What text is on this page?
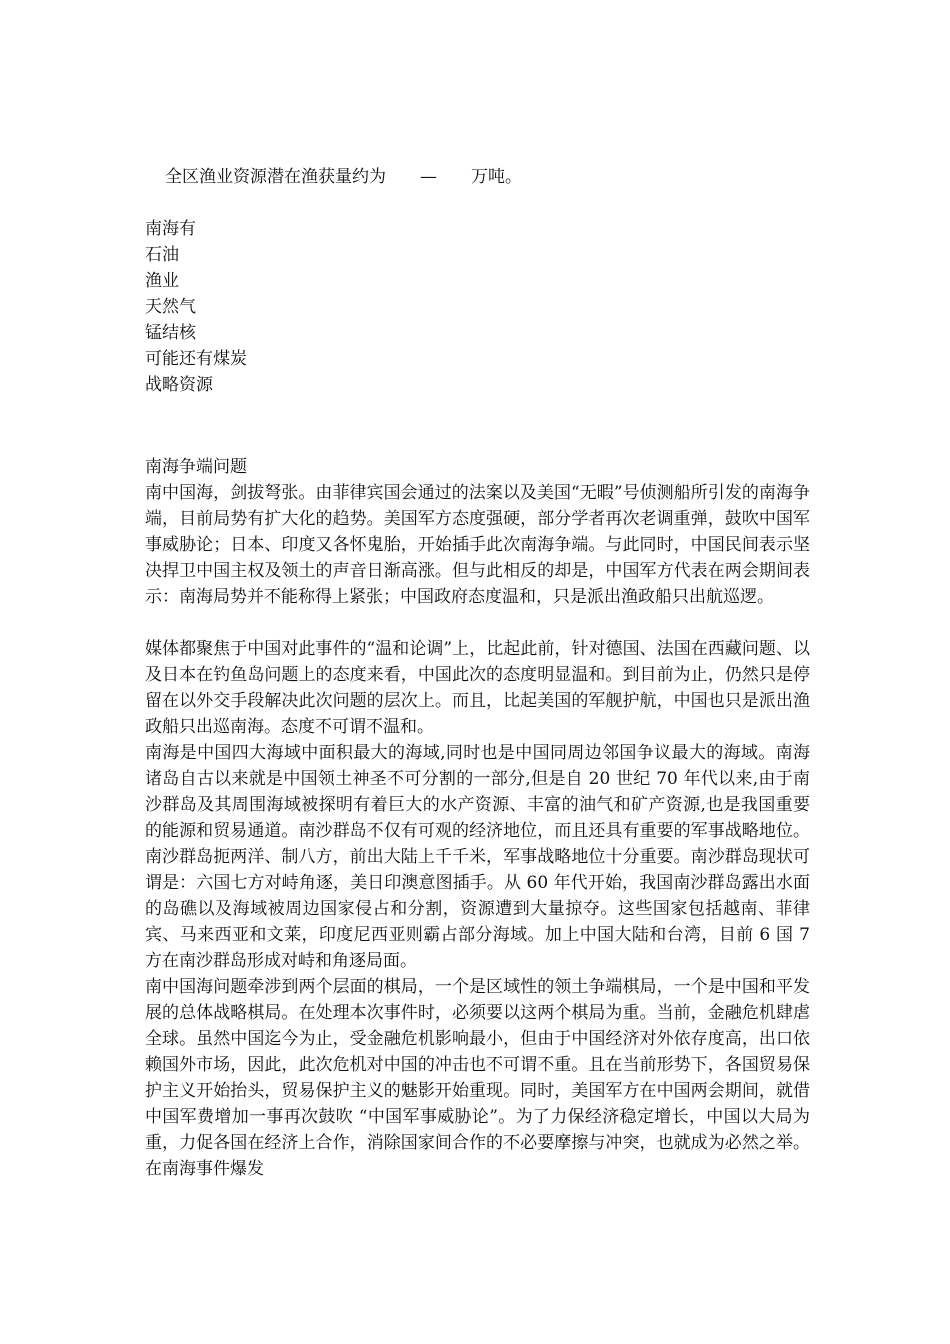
全区渔业资源潜在渔获量约为　　—　　万吨。
南海有
石油
渔业
天然气
锰结核
可能还有煤炭
战略资源
南海争端问题

南中国海，剑拔弩张。由菲律宾国会通过的法案以及美国“无暇”号侦测船所引发的南海争端，目前局势有扩大化的趋势。美国军方态度强硬，部分学者再次老调重弹，鼓吹中国军事威胁论；日本、印度又各怀鬼胎，开始插手此次南海争端。与此同时，中国民间表示坚决捍卫中国主权及领土的声音日渐高涨。但与此相反的却是，中国军方代表在两会期间表示：南海局势并不能称得上紧张；中国政府态度温和，只是派出渔政船只出航巡逻。

媒体都聚焦于中国对此事件的“温和论调”上，比起此前，针对德国、法国在西藏问题、以及日本在钓鱼岛问题上的态度来看，中国此次的态度明显温和。到目前为止，仍然只是停留在以外交手段解决此次问题的层次上。而且，比起美国的军舰护航，中国也只是派出渔政船只出巡南海。态度不可谓不温和。

南海是中国四大海域中面积最大的海域,同时也是中国同周边邻国争议最大的海域。南海诸岛自古以来就是中国领土神圣不可分割的一部分,但是自 20 世纪 70 年代以来,由于南沙群岛及其周围海域被探明有着巨大的水产资源、丰富的油气和矿产资源,也是我国重要的能源和贸易通道。南沙群岛不仅有可观的经济地位，而且还具有重要的军事战略地位。南沙群岛扼两洋、制八方，前出大陆上千千米，军事战略地位十分重要。南沙群岛现状可谓是：六国七方对峙角逐，美日印澳意图插手。从 60 年代开始，我国南沙群岛露出水面的岛礁以及海域被周边国家侵占和分割，资源遭到大量掠夺。这些国家包括越南、菲律宾、马来西亚和文莱，印度尼西亚则霸占部分海域。加上中国大陆和台湾，目前 6 国 7 方在南沙群岛形成对峙和角逐局面。

南中国海问题牵涉到两个层面的棋局，一个是区域性的领土争端棋局，一个是中国和平发展的总体战略棋局。在处理本次事件时，必须要以这两个棋局为重。当前，金融危机肆虐全球。虽然中国迄今为止，受金融危机影响最小，但由于中国经济对外依存度高，出口依赖国外市场，因此，此次危机对中国的冲击也不可谓不重。且在当前形势下，各国贸易保护主义开始抬头，贸易保护主义的魅影开始重现。同时，美国军方在中国两会期间，就借中国军费增加一事再次鼓吹 “中国军事威胁论”。为了力保经济稳定增长，中国以大局为重，力促各国在经济上合作，消除国家间合作的不必要摩擦与冲突，也就成为必然之举。在南海事件爆发
